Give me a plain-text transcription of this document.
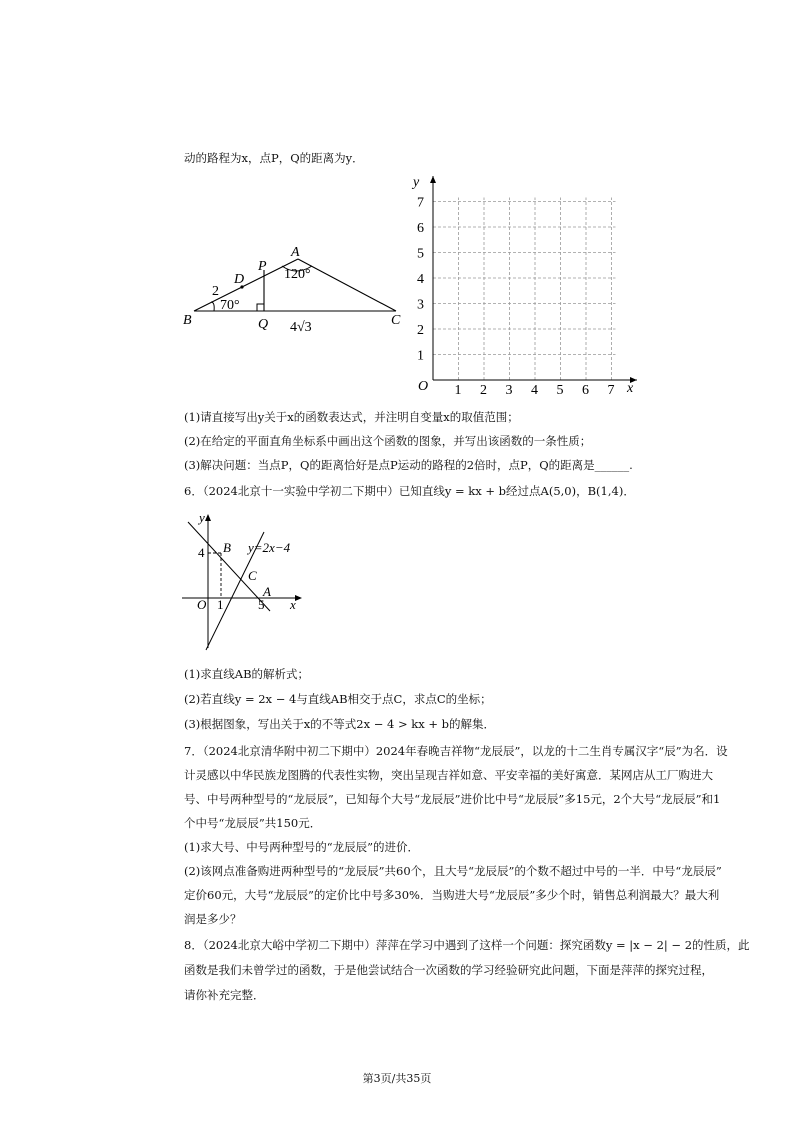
动的路程为x，点P，Q的距离为y．
A
B	C
D
P
Q
120°
70°
2
4√3
y
x
O 1 2 3 4 5 6 7
1
2
3
4
5
6
7
(1)请直接写出y关于x的函数表达式，并注明自变量x的取值范围；
(2)在给定的平面直角坐标系中画出这个函数的图象，并写出该函数的一条性质；
(3)解决问题：当点P，Q的距离恰好是点P运动的路程的2倍时，点P，Q的距离是______.
6．（2024北京十一实验中学初二下期中）已知直线y = kx + b经过点A(5,0)，B(1,4)．
y
B y=2x−4
4
C
O 1
A
5 x
(1)求直线AB的解析式；
(2)若直线y = 2x − 4与直线AB相交于点C，求点C的坐标；
(3)根据图象，写出关于x的不等式2x − 4 > kx + b的解集．
7．（2024北京清华附中初二下期中）2024年春晚吉祥物“龙辰辰”，以龙的十二生肖专属汉字“辰”为名．设
计灵感以中华民族龙图腾的代表性实物，突出呈现吉祥如意、平安幸福的美好寓意．某网店从工厂购进大
号、中号两种型号的“龙辰辰”，已知每个大号“龙辰辰”进价比中号“龙辰辰”多15元，2个大号“龙辰辰”和1
个中号“龙辰辰”共150元．
(1)求大号、中号两种型号的“龙辰辰”的进价．
(2)该网点准备购进两种型号的“龙辰辰”共60个，且大号“龙辰辰”的个数不超过中号的一半．中号“龙辰辰”
定价60元，大号“龙辰辰”的定价比中号多30%．当购进大号“龙辰辰”多少个时，销售总利润最大？最大利
润是多少？
8．（2024北京大峪中学初二下期中）萍萍在学习中遇到了这样一个问题：探究函数y = |x − 2| − 2的性质，此
函数是我们未曾学过的函数，于是他尝试结合一次函数的学习经验研究此问题，下面是萍萍的探究过程，
请你补充完整．
第3页/共35页
